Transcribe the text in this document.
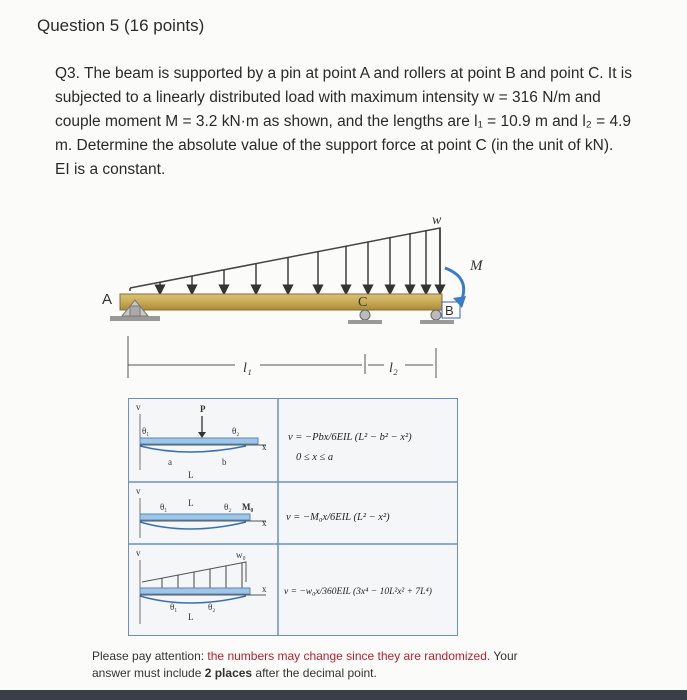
Question 5 (16 points)
Q3. The beam is supported by a pin at point A and rollers at point B and point C. It is
subjected to a linearly distributed load with maximum intensity w = 316 N/m and
couple moment M = 3.2 kN·m as shown, and the lengths are l₁ = 10.9 m and l₂ = 4.9
m. Determine the absolute value of the support force at point C (in the unit of kN).
EI is a constant.
w
A	C
B
M
l₁	l₂
v
x
P
θ₁	θ₂
a	b
L
v = −Pbx/6EIL (L² − b² − x²)
0 ≤ x ≤ a
v
x
θ₁	θ₂ M₀
L
v = −M₀x/6EIL (L² − x²)
v	w₀
x
θ₁	θ₂
L
v = −w₀x/360EIL (3x⁴ − 10L²x² + 7L⁴)
Please pay attention: the numbers may change since they are randomized. Your
answer must include 2 places after the decimal point.
